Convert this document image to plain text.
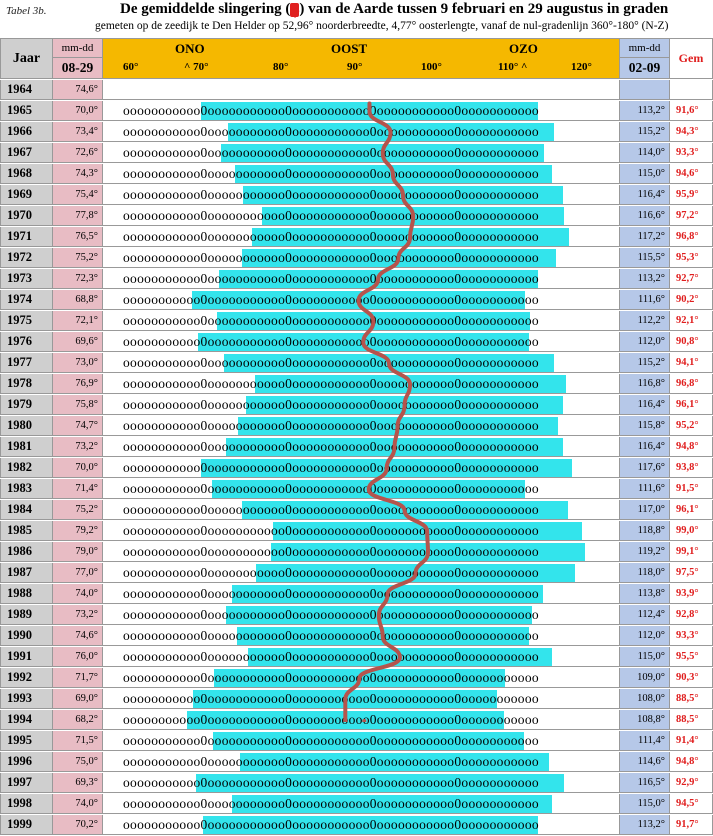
Tabel 3b.	De gemiddelde slingering (φ) van de Aarde tussen 9 februari en 29 augustus in graden
gemeten op de zeedijk te Den Helder op 52,96° noorderbreedte, 4,77° oosterlengte, vanaf de nul-gradenlijn 360°-180° (N-Z)
Jaar
mm-dd
08-29
ONO	OOST	OZO
60°	^ 70°	80°	90°	100°	110° ^	120°
mm-dd
02-09
Gem
1964	74,6°
1965	70,0°	ooooooooooo0ooooooooooo0ooooooooooo0ooooooooooo0ooooooooooo	113,2°	91,6°
1966	73,4°	ooooooooooo0ooooooooooo0ooooooooooo0ooooooooooo0ooooooooooo	115,2°	94,3°
1967	72,6°	ooooooooooo0ooooooooooo0ooooooooooo0ooooooooooo0ooooooooooo	114,0°	93,3°
1968	74,3°	ooooooooooo0ooooooooooo0ooooooooooo0ooooooooooo0ooooooooooo	115,0°	94,6°
1969	75,4°	ooooooooooo0ooooooooooo0ooooooooooo0ooooooooooo0ooooooooooo	116,4°	95,9°
1970	77,8°	ooooooooooo0ooooooooooo0ooooooooooo0ooooooooooo0ooooooooooo	116,6°	97,2°
1971	76,5°	ooooooooooo0ooooooooooo0ooooooooooo0ooooooooooo0ooooooooooo	117,2°	96,8°
1972	75,2°	ooooooooooo0ooooooooooo0ooooooooooo0ooooooooooo0ooooooooooo	115,5°	95,3°
1973	72,3°	ooooooooooo0ooooooooooo0ooooooooooo0ooooooooooo0ooooooooooo	113,2°	92,7°
1974	68,8°	ooooooooooo0ooooooooooo0ooooooooooo0ooooooooooo0ooooooooooo	111,6°	90,2°
1975	72,1°	ooooooooooo0ooooooooooo0ooooooooooo0ooooooooooo0ooooooooooo	112,2°	92,1°
1976	69,6°	ooooooooooo0ooooooooooo0ooooooooooo0ooooooooooo0ooooooooooo	112,0°	90,8°
1977	73,0°	ooooooooooo0ooooooooooo0ooooooooooo0ooooooooooo0ooooooooooo	115,2°	94,1°
1978	76,9°	ooooooooooo0ooooooooooo0ooooooooooo0ooooooooooo0ooooooooooo	116,8°	96,8°
1979	75,8°	ooooooooooo0ooooooooooo0ooooooooooo0ooooooooooo0ooooooooooo	116,4°	96,1°
1980	74,7°	ooooooooooo0ooooooooooo0ooooooooooo0ooooooooooo0ooooooooooo	115,8°	95,2°
1981	73,2°	ooooooooooo0ooooooooooo0ooooooooooo0ooooooooooo0ooooooooooo	116,4°	94,8°
1982	70,0°	ooooooooooo0ooooooooooo0ooooooooooo0ooooooooooo0ooooooooooo	117,6°	93,8°
1983	71,4°	ooooooooooo0ooooooooooo0ooooooooooo0ooooooooooo0ooooooooooo	111,6°	91,5°
1984	75,2°	ooooooooooo0ooooooooooo0ooooooooooo0ooooooooooo0ooooooooooo	117,0°	96,1°
1985	79,2°	ooooooooooo0ooooooooooo0ooooooooooo0ooooooooooo0ooooooooooo	118,8°	99,0°
1986	79,0°	ooooooooooo0ooooooooooo0ooooooooooo0ooooooooooo0ooooooooooo	119,2°	99,1°
1987	77,0°	ooooooooooo0ooooooooooo0ooooooooooo0ooooooooooo0ooooooooooo	118,0°	97,5°
1988	74,0°	ooooooooooo0ooooooooooo0ooooooooooo0ooooooooooo0ooooooooooo	113,8°	93,9°
1989	73,2°	ooooooooooo0ooooooooooo0ooooooooooo0ooooooooooo0ooooooooooo	112,4°	92,8°
1990	74,6°	ooooooooooo0ooooooooooo0ooooooooooo0ooooooooooo0ooooooooooo	112,0°	93,3°
1991	76,0°	ooooooooooo0ooooooooooo0ooooooooooo0ooooooooooo0ooooooooooo	115,0°	95,5°
1992	71,7°	ooooooooooo0ooooooooooo0ooooooooooo0ooooooooooo0ooooooooooo	109,0°	90,3°
1993	69,0°	ooooooooooo0ooooooooooo0ooooooooooo0ooooooooooo0ooooooooooo	108,0°	88,5°
1994	68,2°	ooooooooooo0ooooooooooo0ooooooooooo0ooooooooooo0ooooooooooo	108,8°	88,5°
1995	71,5°	ooooooooooo0ooooooooooo0ooooooooooo0ooooooooooo0ooooooooooo	111,4°	91,4°
1996	75,0°	ooooooooooo0ooooooooooo0ooooooooooo0ooooooooooo0ooooooooooo	114,6°	94,8°
1997	69,3°	ooooooooooo0ooooooooooo0ooooooooooo0ooooooooooo0ooooooooooo	116,5°	92,9°
1998	74,0°	ooooooooooo0ooooooooooo0ooooooooooo0ooooooooooo0ooooooooooo	115,0°	94,5°
1999	70,2°	ooooooooooo0ooooooooooo0ooooooooooo0ooooooooooo0ooooooooooo	113,2°	91,7°
